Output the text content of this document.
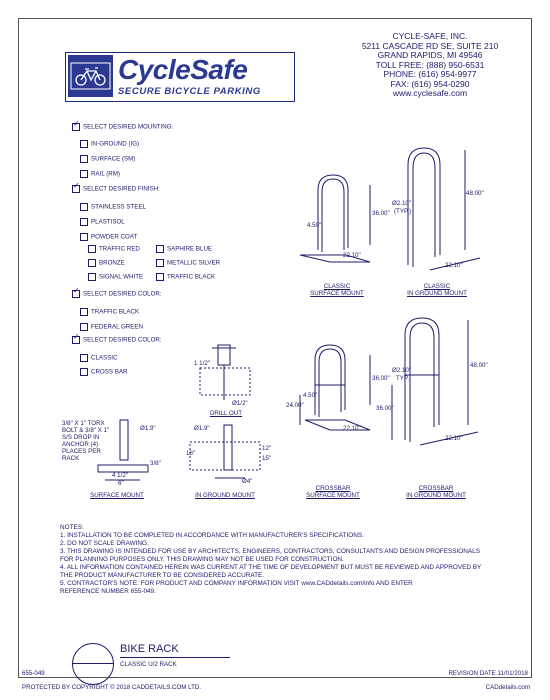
CycleSafe
SECURE BICYCLE PARKING
CYCLE-SAFE, INC.
5211 CASCADE RD SE, SUITE 210
GRAND RAPIDS, MI 49546
TOLL FREE: (888) 950-6531
PHONE: (616) 954-9977
FAX: (616) 954-0290
www.cyclesafe.com
✓SELECT DESIRED MOUNTING:
IN-GROUND (IG)
SURFACE (SM)
RAIL (RM)
✓SELECT DESIRED FINISH:
STAINLESS STEEL
PLASTISOL
POWDER COAT
TRAFFIC RED	SAPHIRE BLUE
BRONZE	METALLIC SILVER
SIGNAL WHITE	TRAFFIC BLACK
✓SELECT DESIRED COLOR:
TRAFFIC BLACK
FEDERAL GREEN
✓SELECT DESIRED COLOR:
CLASSIC
CROSS BAR
4.50"
36.00"
22.10"
Ø2.10"
(TYP.)
48.00"
22.10"
4.50"
36.00"
24.00"
22.10"
Ø2.10"
TYP.
48.00"
36.00"
22.10"
1 1/2"
Ø1/2"
Ø1.9"
4 1/2"
6"
3/8"
Ø1.9"
18"
12"
15"
Ø4"
3/8" X 1" TORX BOLT & 3/8" X 1" S/S DROP IN ANCHOR (4) PLACES PER RACK
CLASSIC
SURFACE MOUNT
CLASSIC
IN GROUND MOUNT
CROSSBAR
SURFACE MOUNT
CROSSBAR
IN GROUND MOUNT
DRILL OUT
SURFACE MOUNT	IN GROUND MOUNT
NOTES:
1. INSTALLATION TO BE COMPLETED IN ACCORDANCE WITH MANUFACTURER'S SPECIFICATIONS.
2. DO NOT SCALE DRAWING.
3. THIS DRAWING IS INTENDED FOR USE BY ARCHITECTS, ENGINEERS, CONTRACTORS, CONSULTANTS AND DESIGN PROFESSIONALS
FOR PLANNING PURPOSES ONLY. THIS DRAWING MAY NOT BE USED FOR CONSTRUCTION.
4. ALL INFORMATION CONTAINED HEREIN WAS CURRENT AT THE TIME OF DEVELOPMENT BUT MUST BE REVIEWED AND APPROVED BY
THE PRODUCT MANUFACTURER TO BE CONSIDERED ACCURATE.
5. CONTRACTOR'S NOTE: FOR PRODUCT AND COMPANY INFORMATION VISIT www.CADdetails.com/info AND ENTER
REFERENCE NUMBER 655-049.
BIKE RACK
CLASSIC U/2 RACK
655-049	REVISION DATE 11/01/2018
PROTECTED BY COPYRIGHT © 2018 CADDETAILS.COM LTD.	CADdetails.com
